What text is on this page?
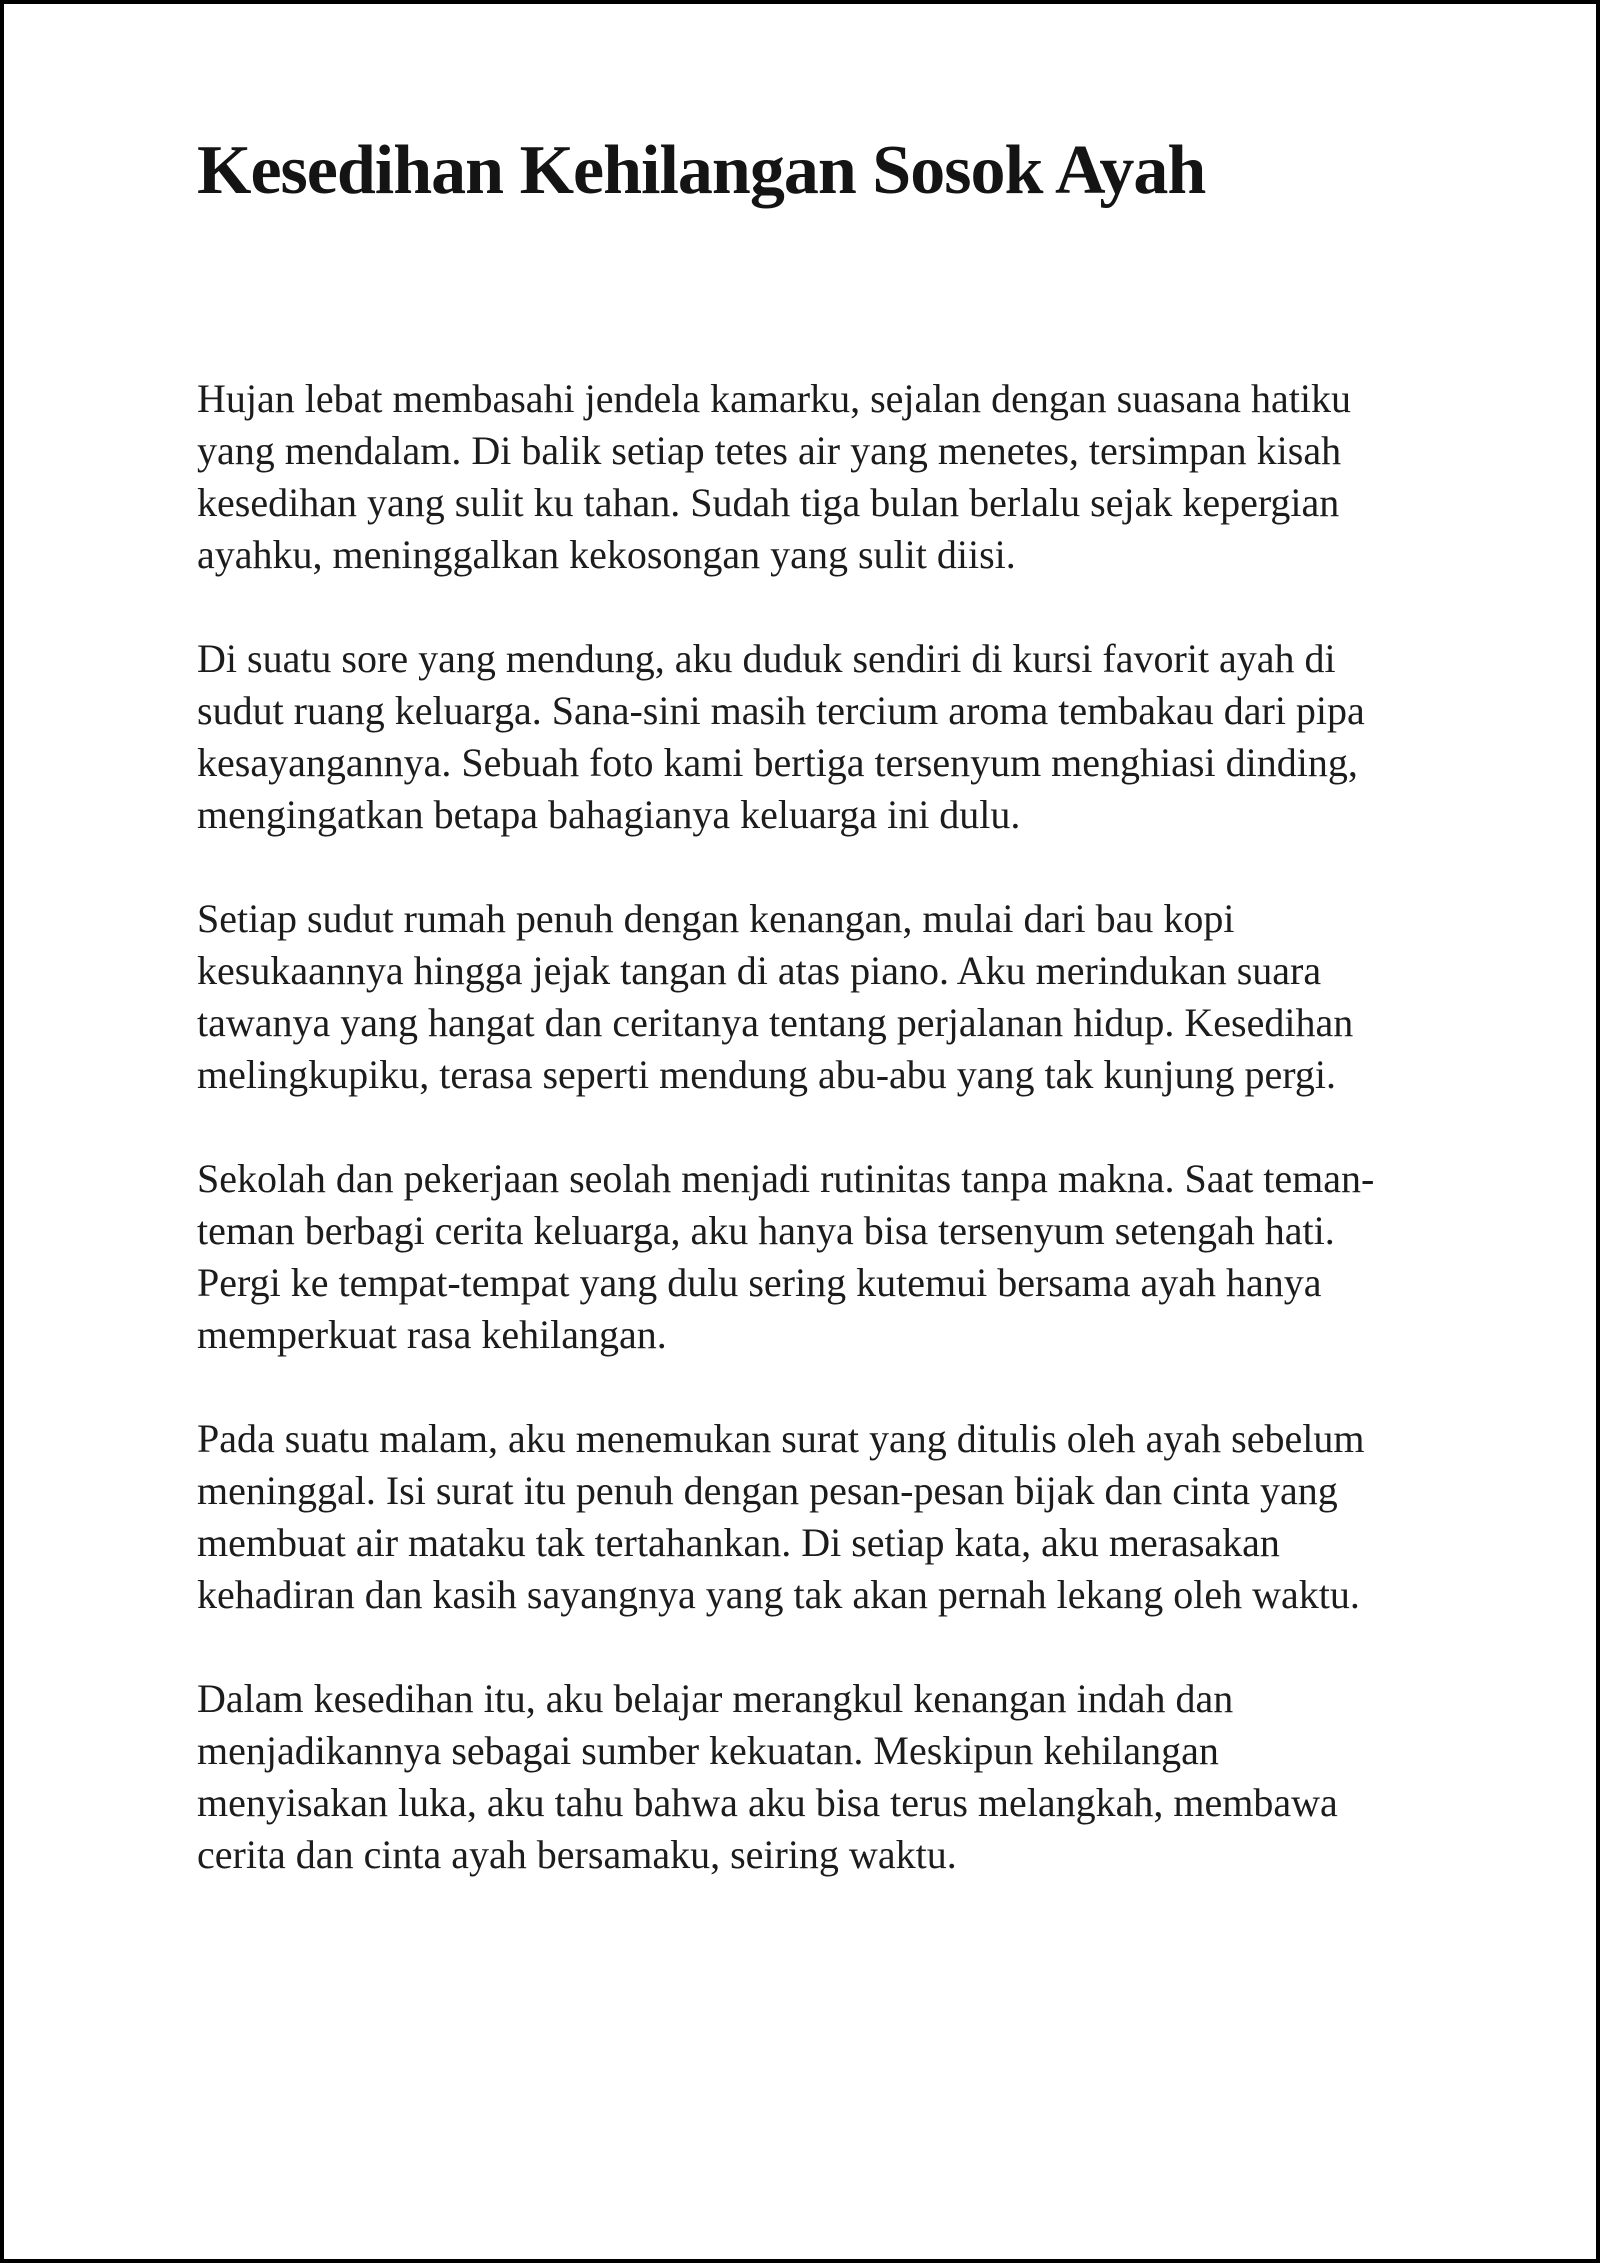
Kesedihan Kehilangan Sosok Ayah

Hujan lebat membasahi jendela kamarku, sejalan dengan suasana hatiku yang mendalam. Di balik setiap tetes air yang menetes, tersimpan kisah kesedihan yang sulit ku tahan. Sudah tiga bulan berlalu sejak kepergian ayahku, meninggalkan kekosongan yang sulit diisi.

Di suatu sore yang mendung, aku duduk sendiri di kursi favorit ayah di sudut ruang keluarga. Sana-sini masih tercium aroma tembakau dari pipa kesayangannya. Sebuah foto kami bertiga tersenyum menghiasi dinding, mengingatkan betapa bahagianya keluarga ini dulu.

Setiap sudut rumah penuh dengan kenangan, mulai dari bau kopi kesukaannya hingga jejak tangan di atas piano. Aku merindukan suara tawanya yang hangat dan ceritanya tentang perjalanan hidup. Kesedihan melingkupiku, terasa seperti mendung abu-abu yang tak kunjung pergi.

Sekolah dan pekerjaan seolah menjadi rutinitas tanpa makna. Saat teman-teman berbagi cerita keluarga, aku hanya bisa tersenyum setengah hati. Pergi ke tempat-tempat yang dulu sering kutemui bersama ayah hanya memperkuat rasa kehilangan.

Pada suatu malam, aku menemukan surat yang ditulis oleh ayah sebelum meninggal. Isi surat itu penuh dengan pesan-pesan bijak dan cinta yang membuat air mataku tak tertahankan. Di setiap kata, aku merasakan kehadiran dan kasih sayangnya yang tak akan pernah lekang oleh waktu.

Dalam kesedihan itu, aku belajar merangkul kenangan indah dan menjadikannya sebagai sumber kekuatan. Meskipun kehilangan menyisakan luka, aku tahu bahwa aku bisa terus melangkah, membawa cerita dan cinta ayah bersamaku, seiring waktu.
